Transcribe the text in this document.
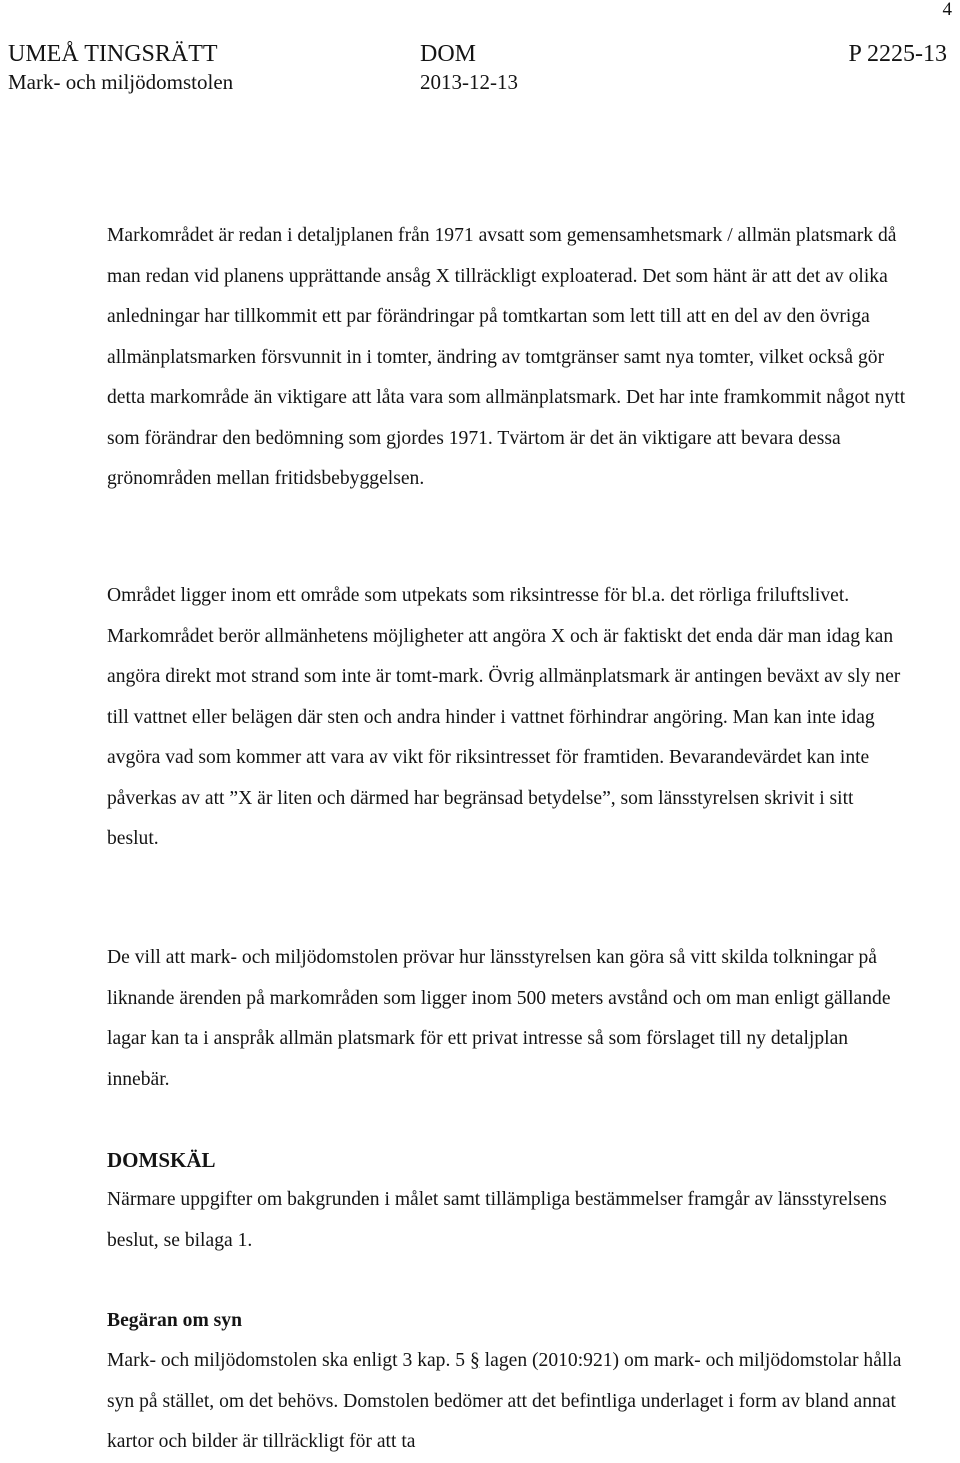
4
UMEÅ TINGSRÄTT
Mark- och miljödomstolen
DOM
2013-12-13
P 2225-13

Markområdet är redan i detaljplanen från 1971 avsatt som gemensamhetsmark / allmän platsmark då man redan vid planens upprättande ansåg X tillräckligt exploaterad. Det som hänt är att det av olika anledningar har tillkommit ett par förändringar på tomtkartan som lett till att en del av den övriga allmänplatsmarken försvunnit in i tomter, ändring av tomtgränser samt nya tomter, vilket också gör detta markområde än viktigare att låta vara som allmänplatsmark. Det har inte framkommit något nytt som förändrar den bedömning som gjordes 1971. Tvärtom är det än viktigare att bevara dessa grönområden mellan fritidsbebyggelsen.

Området ligger inom ett område som utpekats som riksintresse för bl.a. det rörliga friluftslivet. Markområdet berör allmänhetens möjligheter att angöra X och är faktiskt det enda där man idag kan angöra direkt mot strand som inte är tomt-mark. Övrig allmänplatsmark är antingen beväxt av sly ner till vattnet eller belägen där sten och andra hinder i vattnet förhindrar angöring. Man kan inte idag avgöra vad som kommer att vara av vikt för riksintresset för framtiden. Bevarandevärdet kan inte påverkas av att ”X är liten och därmed har begränsad betydelse”, som länsstyrelsen skrivit i sitt beslut.

De vill att mark- och miljödomstolen prövar hur länsstyrelsen kan göra så vitt skilda tolkningar på liknande ärenden på markområden som ligger inom 500 meters avstånd och om man enligt gällande lagar kan ta i anspråk allmän platsmark för ett privat intresse så som förslaget till ny detaljplan innebär.

DOMSKÄL

Närmare uppgifter om bakgrunden i målet samt tillämpliga bestämmelser framgår av länsstyrelsens beslut, se bilaga 1.

Begäran om syn

Mark- och miljödomstolen ska enligt 3 kap. 5 § lagen (2010:921) om mark- och miljödomstolar hålla syn på stället, om det behövs. Domstolen bedömer att det befintliga underlaget i form av bland annat kartor och bilder är tillräckligt för att ta
